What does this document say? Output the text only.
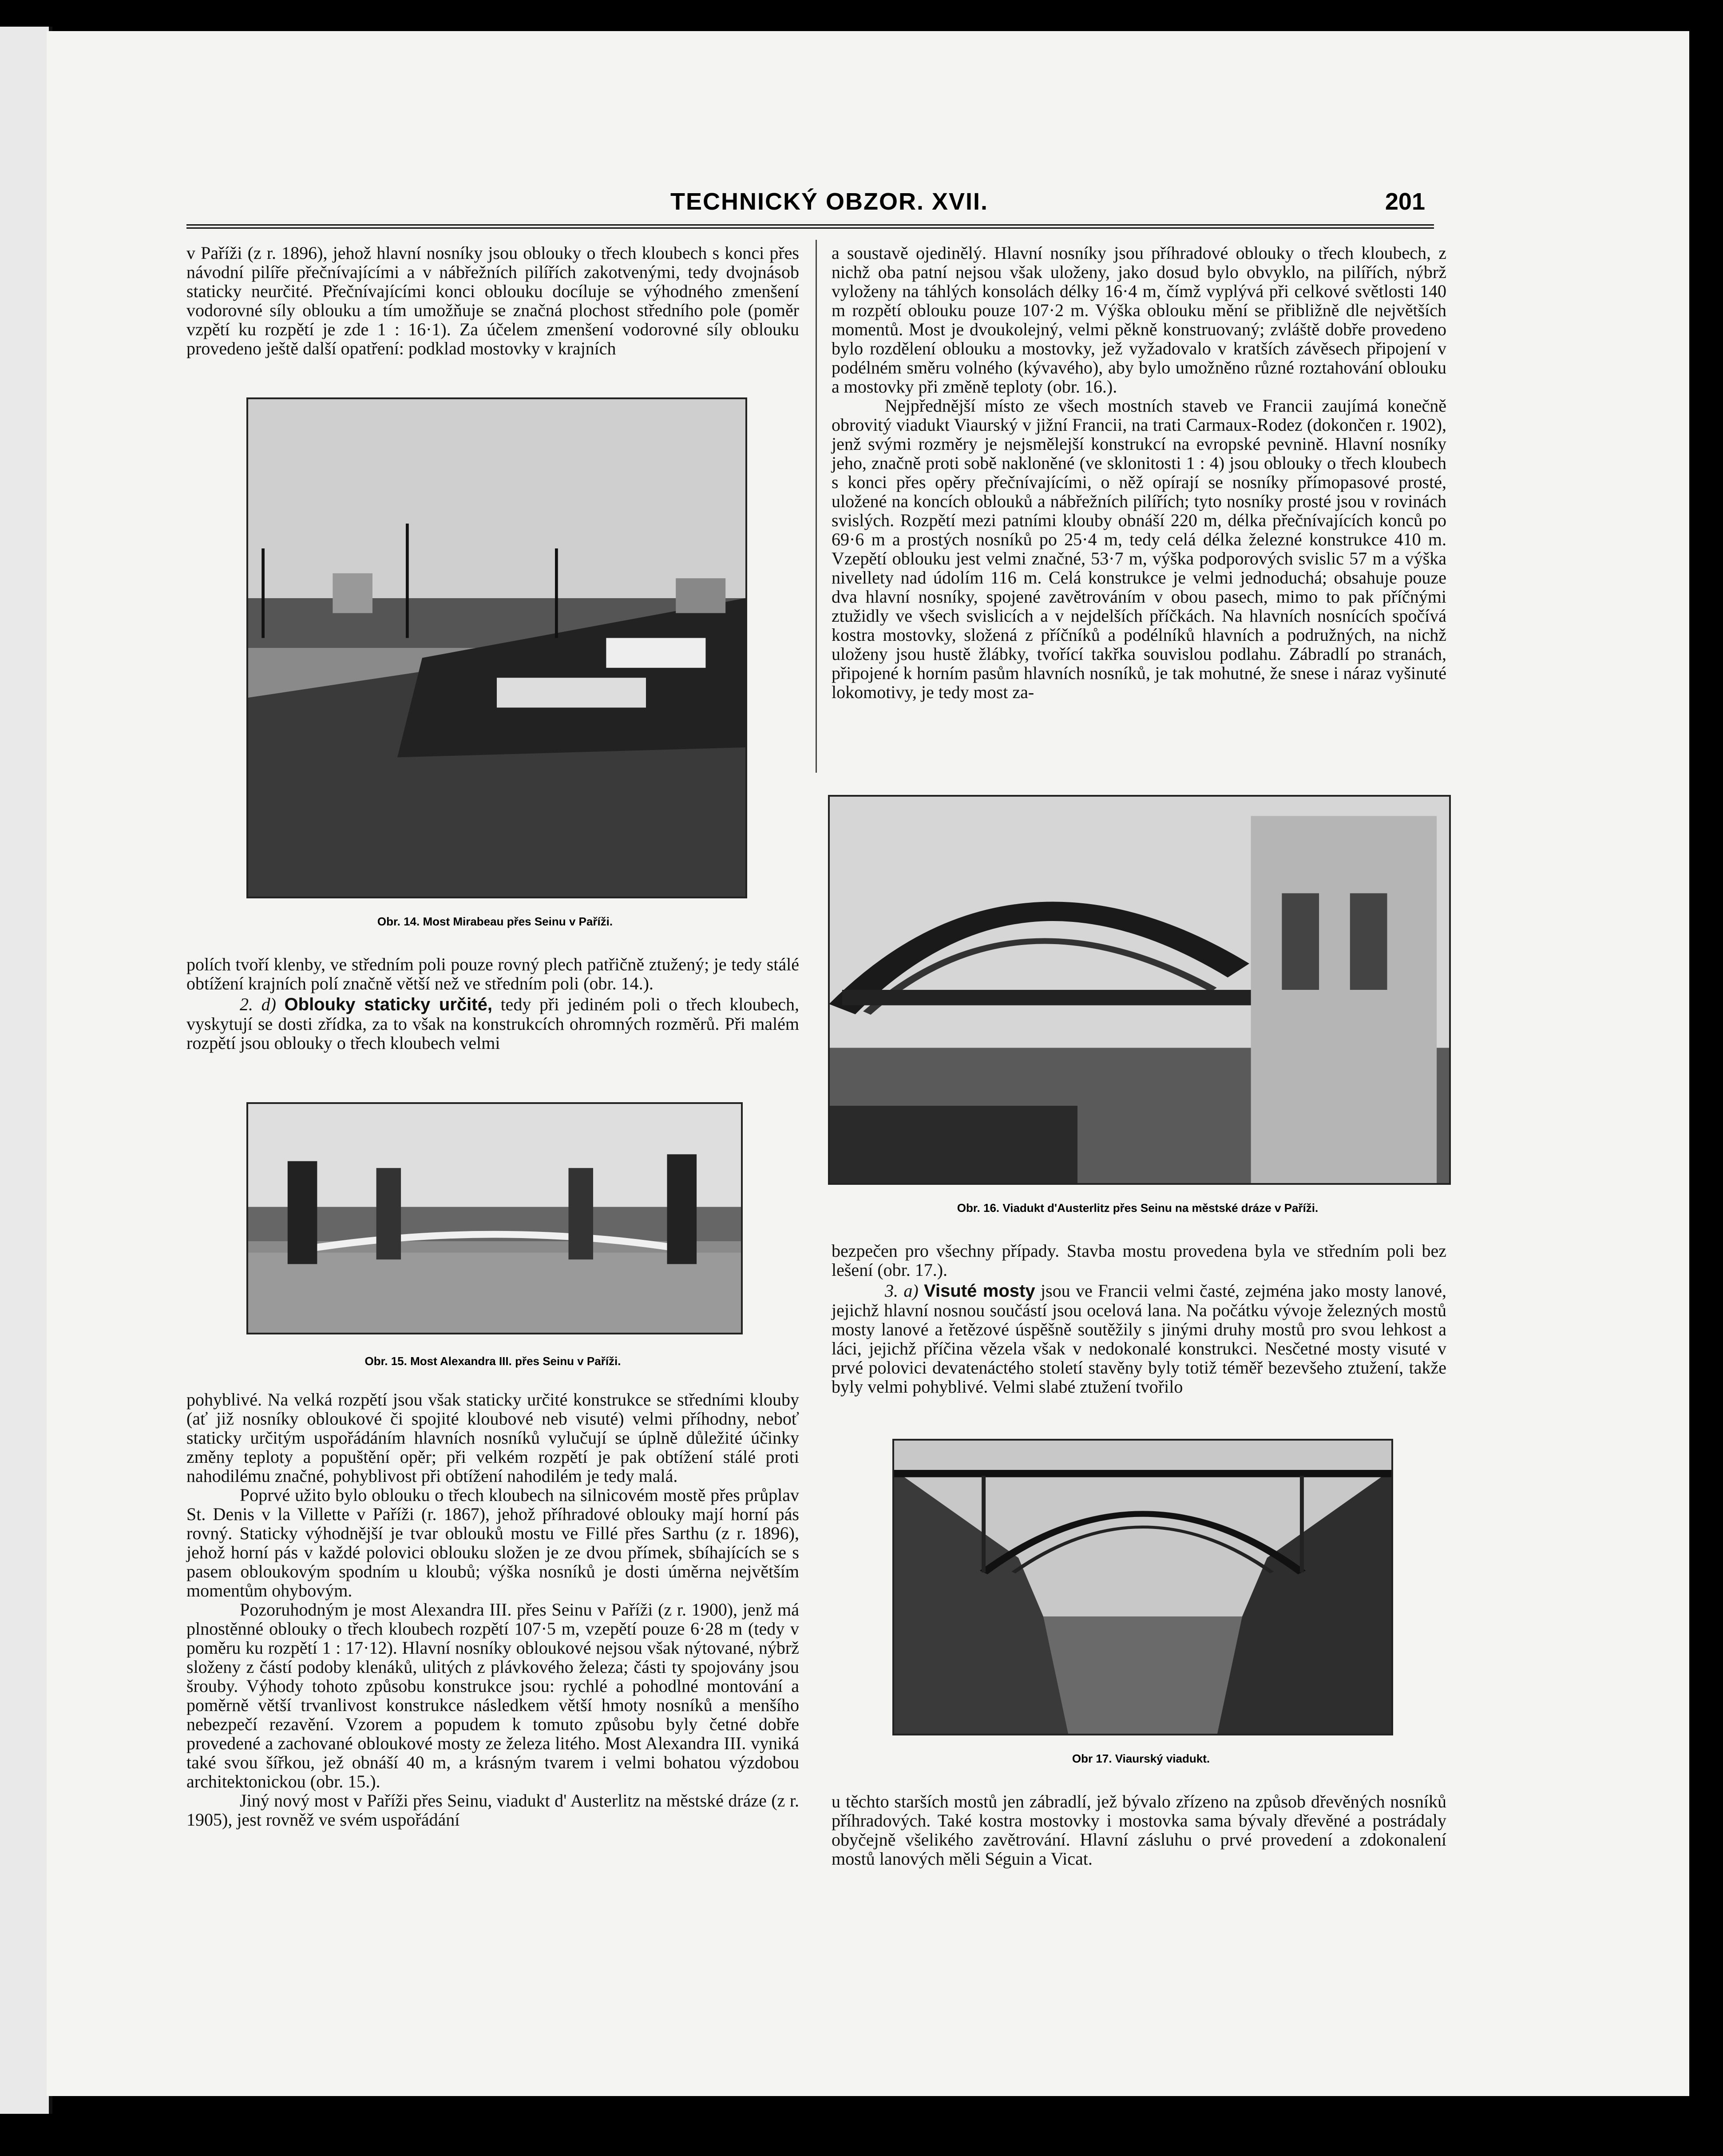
TECHNICKÝ OBZOR. XVII.	201

v Paříži (z r. 1896), jehož hlavní nosníky jsou oblouky o třech kloubech s konci přes návodní pilíře přečnívajícími a v nábřežních pilířích zakotvenými, tedy dvojnásob staticky neurčité. Přečnívajícími konci oblouku docíluje se výhodného zmenšení vodorovné síly oblouku a tím umožňuje se značná plochost středního pole (poměr vzpětí ku rozpětí je zde 1 : 16·1). Za účelem zmenšení vodorovné síly oblouku provedeno ještě další opatření: podklad mostovky v krajních

Obr. 14. Most Mirabeau přes Seinu v Paříži.

polích tvoří klenby, ve středním poli pouze rovný plech patřičně ztužený; je tedy stálé obtížení krajních polí značně větší než ve středním poli (obr. 14.).

2. d) Oblouky staticky určité, tedy při jediném poli o třech kloubech, vyskytují se dosti zřídka, za to však na konstrukcích ohromných rozměrů. Při malém rozpětí jsou oblouky o třech kloubech velmi

Obr. 15. Most Alexandra III. přes Seinu v Paříži.

pohyblivé. Na velká rozpětí jsou však staticky určité konstrukce se středními klouby (ať již nosníky obloukové či spojité kloubové neb visuté) velmi příhodny, neboť staticky určitým uspořádáním hlavních nosníků vylučují se úplně důležité účinky změny teploty a popuštění opěr; při velkém rozpětí je pak obtížení stálé proti nahodilému značné, pohyblivost při obtížení nahodilém je tedy malá.

Poprvé užito bylo oblouku o třech kloubech na silnicovém mostě přes průplav St. Denis v la Villette v Paříži (r. 1867), jehož příhradové oblouky mají horní pás rovný. Staticky výhodnější je tvar oblouků mostu ve Fillé přes Sarthu (z r. 1896), jehož horní pás v každé polovici oblouku složen je ze dvou přímek, sbíhajících se s pasem obloukovým spodním u kloubů; výška nosníků je dosti úměrna největším momentům ohybovým.

Pozoruhodným je most Alexandra III. přes Seinu v Paříži (z r. 1900), jenž má plnostěnné oblouky o třech kloubech rozpětí 107·5 m, vzepětí pouze 6·28 m (tedy v poměru ku rozpětí 1 : 17·12). Hlavní nosníky obloukové nejsou však nýtované, nýbrž složeny z částí podoby klenáků, ulitých z plávkového železa; části ty spojovány jsou šrouby. Výhody tohoto způsobu konstrukce jsou: rychlé a pohodlné montování a poměrně větší trvanlivost konstrukce následkem větší hmoty nosníků a menšího nebezpečí rezavění. Vzorem a popudem k tomuto způsobu byly četné dobře provedené a zachované obloukové mosty ze železa litého. Most Alexandra III. vyniká také svou šířkou, jež obnáší 40 m, a krásným tvarem i velmi bohatou výzdobou architektonickou (obr. 15.).

Jiný nový most v Paříži přes Seinu, viadukt d' Austerlitz na městské dráze (z r. 1905), jest rovněž ve svém uspořádání

a soustavě ojedinělý. Hlavní nosníky jsou příhradové oblouky o třech kloubech, z nichž oba patní nejsou však uloženy, jako dosud bylo obvyklo, na pilířích, nýbrž vyloženy na táhlých konsolách délky 16·4 m, čímž vyplývá při celkové světlosti 140 m rozpětí oblouku pouze 107·2 m. Výška oblouku mění se přibližně dle největších momentů. Most je dvoukolejný, velmi pěkně konstruovaný; zvláště dobře provedeno bylo rozdělení oblouku a mostovky, jež vyžadovalo v kratších závěsech připojení v podélném směru volného (kývavého), aby bylo umožněno různé roztahování oblouku a mostovky při změně teploty (obr. 16.).

Nejpřednější místo ze všech mostních staveb ve Francii zaujímá konečně obrovitý viadukt Viaurský v jižní Francii, na trati Carmaux-Rodez (dokončen r. 1902), jenž svými rozměry je nejsmělejší konstrukcí na evropské pevnině. Hlavní nosníky jeho, značně proti sobě nakloněné (ve sklonitosti 1 : 4) jsou oblouky o třech kloubech s konci přes opěry přečnívajícími, o něž opírají se nosníky přímopasové prosté, uložené na koncích oblouků a nábřežních pilířích; tyto nosníky prosté jsou v rovinách svislých. Rozpětí mezi patními klouby obnáší 220 m, délka přečnívajících konců po 69·6 m a prostých nosníků po 25·4 m, tedy celá délka železné konstrukce 410 m. Vzepětí oblouku jest velmi značné, 53·7 m, výška podporových svislic 57 m a výška nivellety nad údolím 116 m. Celá konstrukce je velmi jednoduchá; obsahuje pouze dva hlavní nosníky, spojené zavětrováním v obou pasech, mimo to pak příčnými ztužidly ve všech svislicích a v nejdelších příčkách. Na hlavních nosnících spočívá kostra mostovky, složená z příčníků a podélníků hlavních a podružných, na nichž uloženy jsou hustě žlábky, tvořící takřka souvislou podlahu. Zábradlí po stranách, připojené k horním pasům hlavních nosníků, je tak mohutné, že snese i náraz vyšinuté lokomotivy, je tedy most za-

Obr. 16. Viadukt d'Austerlitz přes Seinu na městské dráze v Paříži.

bezpečen pro všechny případy. Stavba mostu provedena byla ve středním poli bez lešení (obr. 17.).

3. a) Visuté mosty jsou ve Francii velmi časté, zejména jako mosty lanové, jejichž hlavní nosnou součástí jsou ocelová lana. Na počátku vývoje železných mostů mosty lanové a řetězové úspěšně soutěžily s jinými druhy mostů pro svou lehkost a láci, jejichž příčina vězela však v nedokonalé konstrukci. Nesčetné mosty visuté v prvé polovici devatenáctého století stavěny byly totiž téměř bezevšeho ztužení, takže byly velmi pohyblivé. Velmi slabé ztužení tvořilo

Obr 17. Viaurský viadukt.

u těchto starších mostů jen zábradlí, jež bývalo zřízeno na způsob dřevěných nosníků příhradových. Také kostra mostovky i mostovka sama bývaly dřevěné a postrádaly obyčejně všelikého zavětrování. Hlavní zásluhu o prvé provedení a zdokonalení mostů lanových měli Séguin a Vicat.
